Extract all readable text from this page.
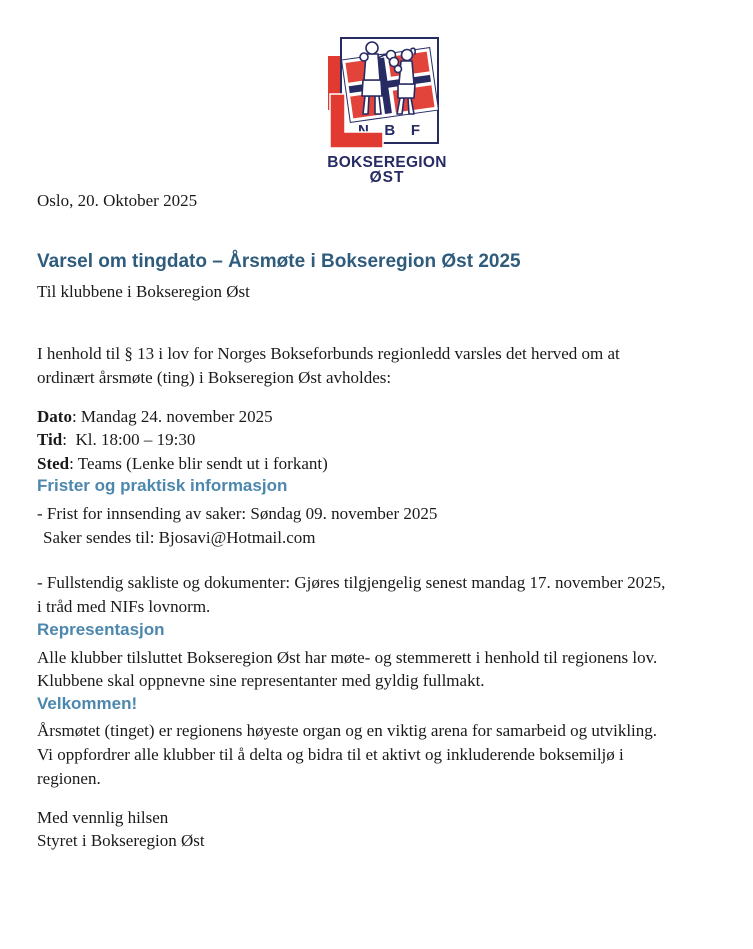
N B F
BOKSEREGION
ØST
Oslo, 20. Oktober 2025
Varsel om tingdato – Årsmøte i Bokseregion Øst 2025
Til klubbene i Bokseregion Øst
I henhold til § 13 i lov for Norges Bokseforbunds regionledd varsles det herved om at
ordinært årsmøte (ting) i Bokseregion Øst avholdes:
Dato: Mandag 24. november 2025
Tid:  Kl. 18:00 – 19:30
Sted: Teams (Lenke blir sendt ut i forkant)
Frister og praktisk informasjon
- Frist for innsending av saker: Søndag 09. november 2025
Saker sendes til: Bjosavi@Hotmail.com
- Fullstendig sakliste og dokumenter: Gjøres tilgjengelig senest mandag 17. november 2025,
i tråd med NIFs lovnorm.
Representasjon
Alle klubber tilsluttet Bokseregion Øst har møte- og stemmerett i henhold til regionens lov.
Klubbene skal oppnevne sine representanter med gyldig fullmakt.
Velkommen!
Årsmøtet (tinget) er regionens høyeste organ og en viktig arena for samarbeid og utvikling.
Vi oppfordrer alle klubber til å delta og bidra til et aktivt og inkluderende boksemiljø i
regionen.
Med vennlig hilsen
Styret i Bokseregion Øst
